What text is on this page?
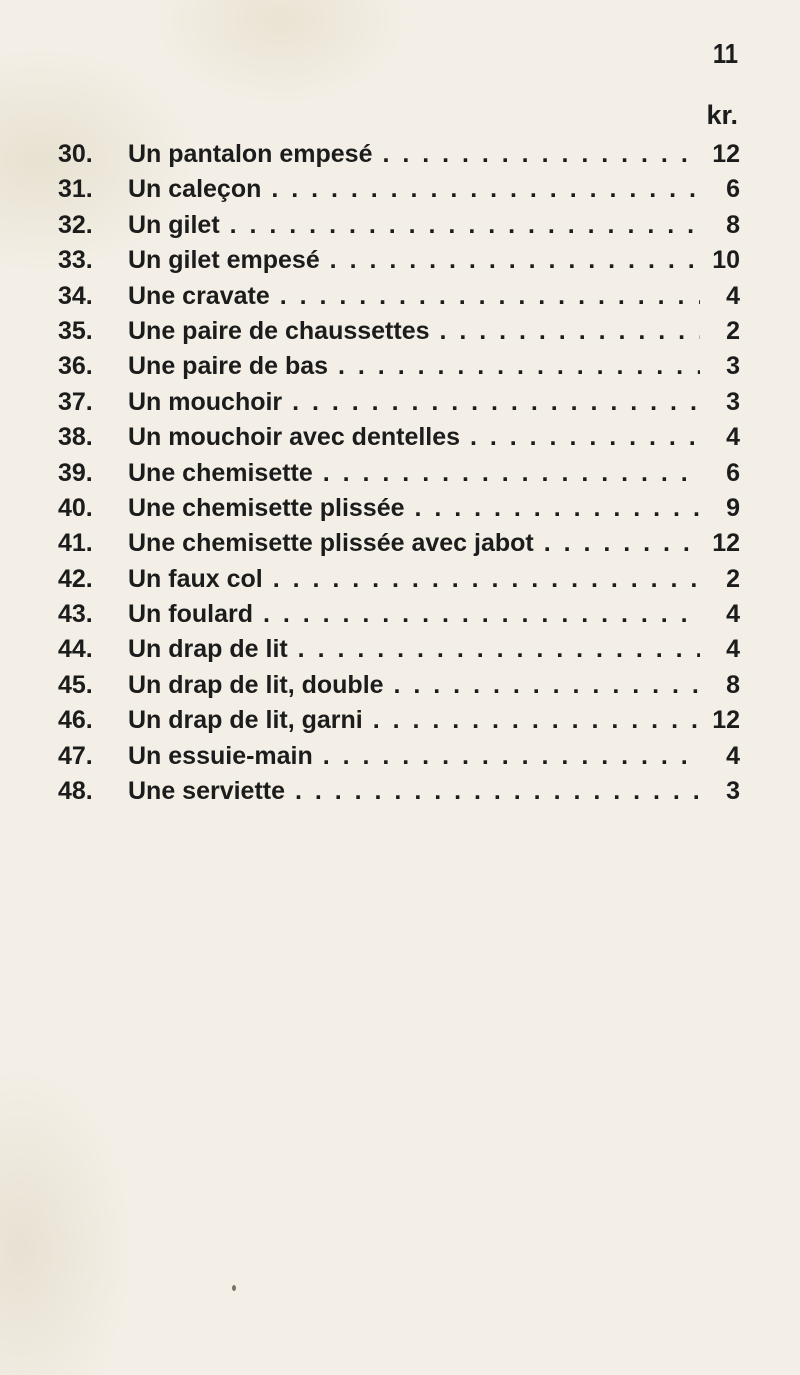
11
kr.
30.	Un pantalon empesé . . .	12
31.	Un caleçon . . .	6
32.	Un gilet . . .	8
33.	Un gilet empesé . . .	10
34.	Une cravate . . .	4
35.	Une paire de chaussettes . . .	2
36.	Une paire de bas . . .	3
37.	Un mouchoir . . .	3
38.	Un mouchoir avec dentelles . . .	4
39.	Une chemisette . . .	6
40.	Une chemisette plissée . . .	9
41.	Une chemisette plissée avec jabot . . .	12
42.	Un faux col . . .	2
43.	Un foulard . . .	4
44.	Un drap de lit . . .	4
45.	Un drap de lit, double . . .	8
46.	Un drap de lit, garni . . .	12
47.	Un essuie-main . . .	4
48.	Une serviette . . .	3
